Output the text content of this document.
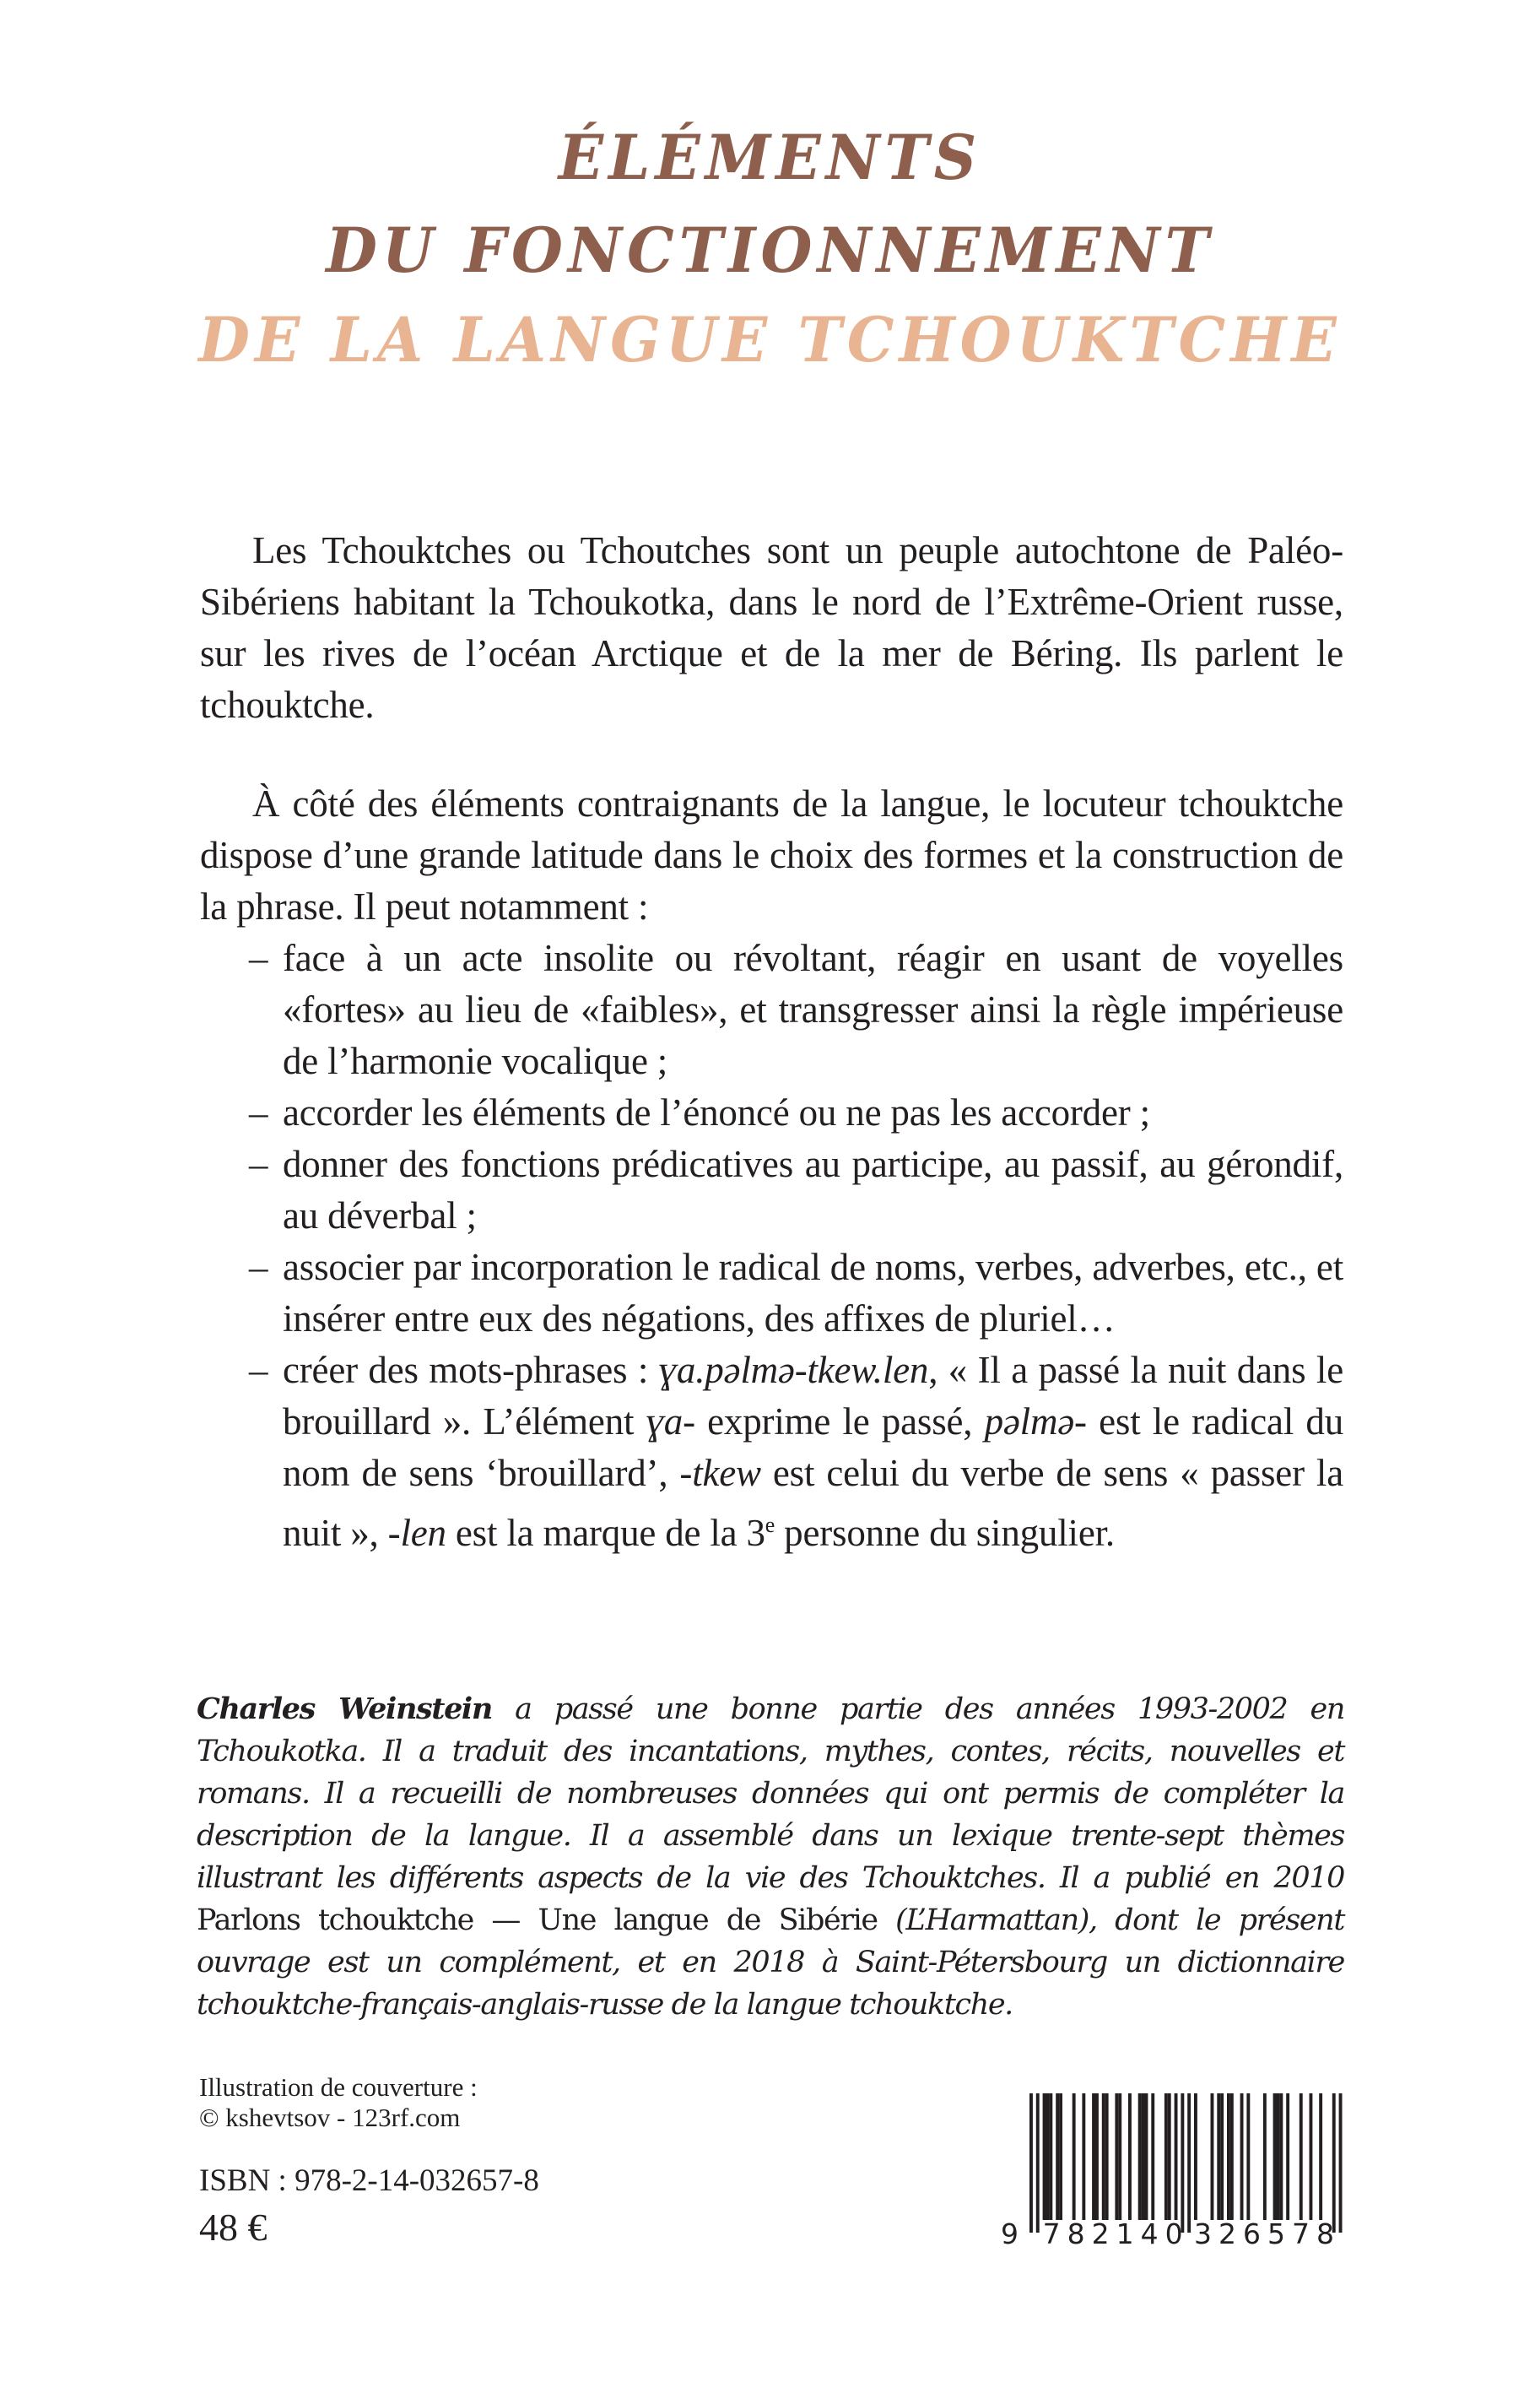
ÉLÉMENTS
DU FONCTIONNEMENT
DE LA LANGUE TCHOUKTCHE

Les Tchouktches ou Tchoutches sont un peuple autochtone de Paléo-Sibériens habitant la Tchoukotka, dans le nord de l’Extrême-Orient russe, sur les rives de l’océan Arctique et de la mer de Béring. Ils parlent le tchouktche.

À côté des éléments contraignants de la langue, le locuteur tchouktche dispose d’une grande latitude dans le choix des formes et la construction de la phrase. Il peut notamment :

– face à un acte insolite ou révoltant, réagir en usant de voyelles «fortes» au lieu de «faibles», et transgresser ainsi la règle impérieuse de l’harmonie vocalique ;
– accorder les éléments de l’énoncé ou ne pas les accorder ;
– donner des fonctions prédicatives au participe, au passif, au gérondif, au déverbal ;
– associer par incorporation le radical de noms, verbes, adverbes, etc., et insérer entre eux des négations, des affixes de pluriel…
– créer des mots-phrases : ɣa.pəlmə-tkew.len, « Il a passé la nuit dans le brouillard ». L’élément ɣa- exprime le passé, pəlmə- est le radical du nom de sens ‘brouillard’, -tkew est celui du verbe de sens « passer la nuit », -len est la marque de la 3e personne du singulier.
Charles Weinstein a passé une bonne partie des années 1993-2002 en Tchoukotka. Il a traduit des incantations, mythes, contes, récits, nouvelles et romans. Il a recueilli de nombreuses données qui ont permis de compléter la description de la langue. Il a assemblé dans un lexique trente-sept thèmes illustrant les différents aspects de la vie des Tchouktches. Il a publié en 2010 Parlons tchouktche — Une langue de Sibérie (L’Harmattan), dont le présent ouvrage est un complément, et en 2018 à Saint-Pétersbourg un dictionnaire tchouktche-français-anglais-russe de la langue tchouktche.
Illustration de couverture :
© kshevtsov - 123rf.com
ISBN : 978-2-14-032657-8
48 €	9 782140 326578
